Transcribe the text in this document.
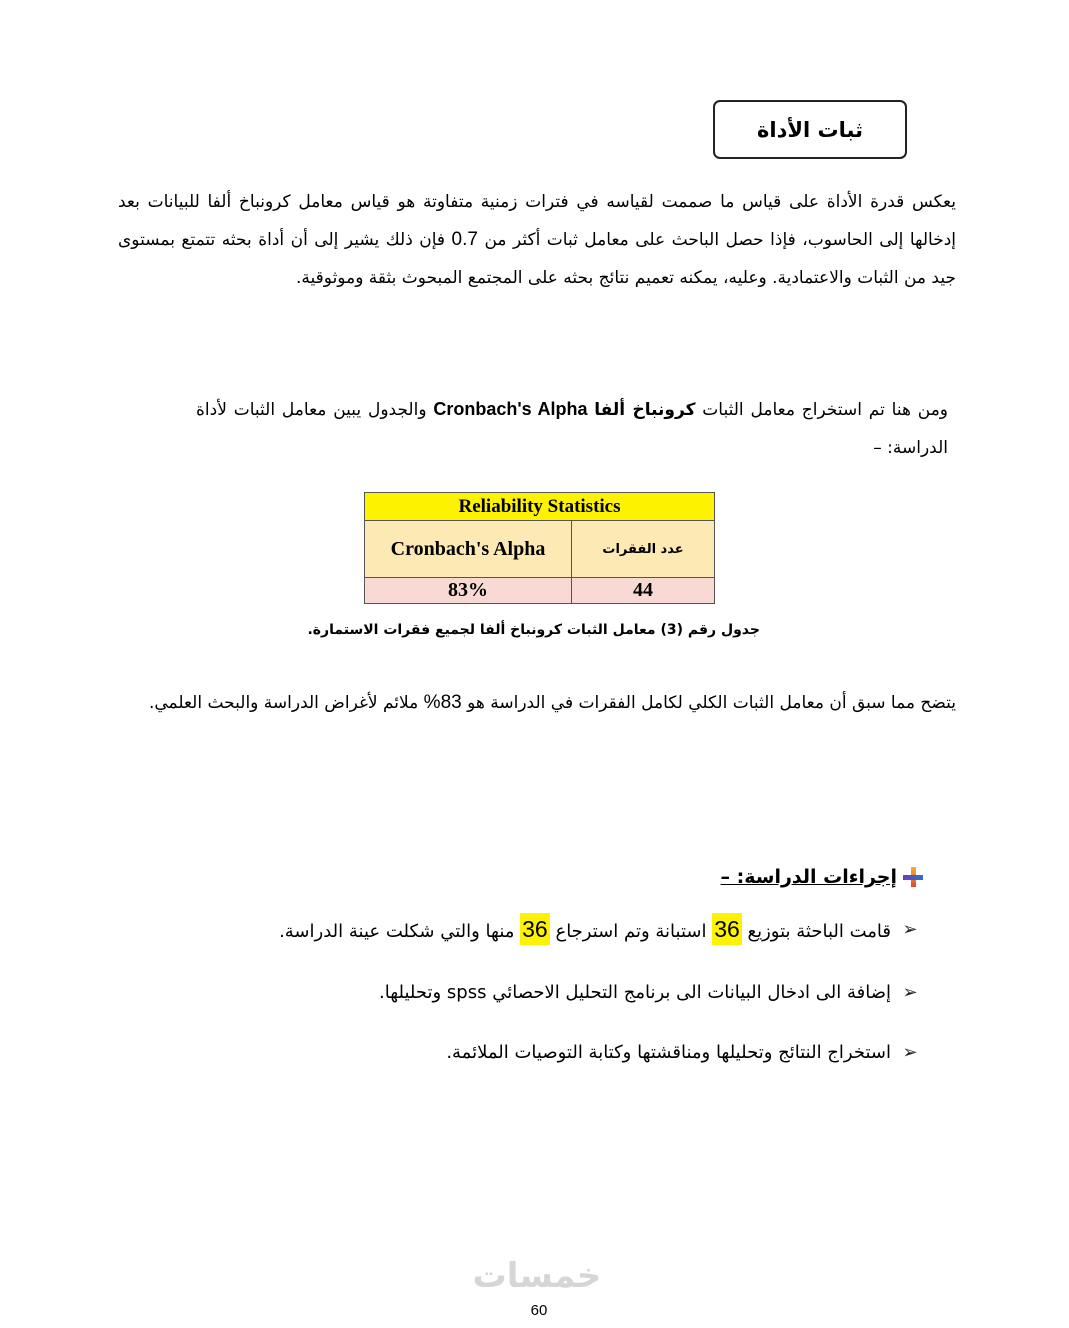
ثبات الأداة
يعكس قدرة الأداة على قياس ما صممت لقياسه في فترات زمنية متفاوتة هو قياس معامل كرونباخ ألفا للبيانات بعد إدخالها إلى الحاسوب، فإذا حصل الباحث على معامل ثبات أكثر من 0.7 فإن ذلك يشير إلى أن أداة بحثه تتمتع بمستوى جيد من الثبات والاعتمادية. وعليه، يمكنه تعميم نتائج بحثه على المجتمع المبحوث بثقة وموثوقية.
ومن هنا تم استخراج معامل الثبات كرونباخ ألفا Cronbach's Alpha والجدول يبين معامل الثبات لأداة الدراسة: –
Reliability Statistics	
Cronbach's Alpha	عدد الفقرات
83%	44
جدول رقم (3) معامل الثبات كرونباخ ألفا لجميع فقرات الاستمارة.
يتضح مما سبق أن معامل الثبات الكلي لكامل الفقرات في الدراسة هو 83% ملائم لأغراض الدراسة والبحث العلمي.
إجراءات الدراسة: –
➢
قامت الباحثة بتوزيع 36 استبانة وتم استرجاع 36 منها والتي شكلت عينة الدراسة.
➢
إضافة الى ادخال البيانات الى برنامج التحليل الاحصائي spss وتحليلها.
➢
استخراج النتائج وتحليلها ومناقشتها وكتابة التوصيات الملائمة.
خمسات
60
